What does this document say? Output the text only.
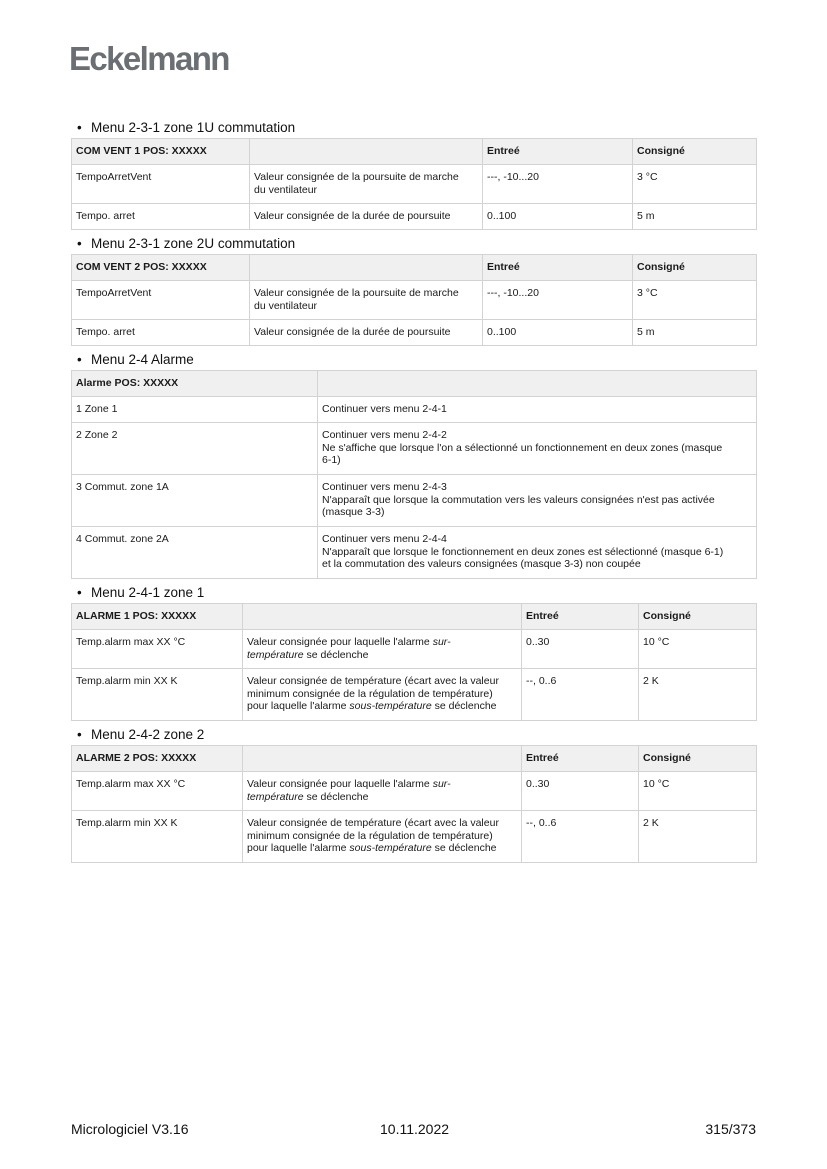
Eckelmann
• Menu 2-3-1 zone 1U commutation
COM VENT 1 POS: XXXXX		Entreé	Consigné
TempoArretVent	Valeur consignée de la poursuite de marche
du ventilateur	---, -10...20	3 °C
Tempo. arret	Valeur consignée de la durée de poursuite	0..100	5 m
• Menu 2-3-1 zone 2U commutation
COM VENT 2 POS: XXXXX		Entreé	Consigné
TempoArretVent	Valeur consignée de la poursuite de marche
du ventilateur	---, -10...20	3 °C
Tempo. arret	Valeur consignée de la durée de poursuite	0..100	5 m
• Menu 2-4 Alarme
Alarme POS: XXXXX	
1 Zone 1	Continuer vers menu 2-4-1

2 Zone 2	Continuer vers menu 2-4-2
Ne s'affiche que lorsque l'on a sélectionné un fonctionnement en deux zones (masque
6-1)

3 Commut. zone 1A	Continuer vers menu 2-4-3
N'apparaît que lorsque la commutation vers les valeurs consignées n'est pas activée
(masque 3-3)

4 Commut. zone 2A	Continuer vers menu 2-4-4
N'apparaît que lorsque le fonctionnement en deux zones est sélectionné (masque 6-1)
et la commutation des valeurs consignées (masque 3-3) non coupée
• Menu 2-4-1 zone 1
ALARME 1 POS: XXXXX		Entreé	Consigné
Temp.alarm max XX °C	Valeur consignée pour laquelle l'alarme sur-
température se déclenche	0..30	10 °C
Temp.alarm min XX K	Valeur consignée de température (écart avec la valeur
minimum consignée de la régulation de température)
pour laquelle l'alarme sous-température se déclenche	--, 0..6	2 K
• Menu 2-4-2 zone 2
ALARME 2 POS: XXXXX		Entreé	Consigné
Temp.alarm max XX °C	Valeur consignée pour laquelle l'alarme sur-
température se déclenche	0..30	10 °C
Temp.alarm min XX K	Valeur consignée de température (écart avec la valeur
minimum consignée de la régulation de température)
pour laquelle l'alarme sous-température se déclenche	--, 0..6	2 K
Micrologiciel V3.16	10.11.2022	315/373
